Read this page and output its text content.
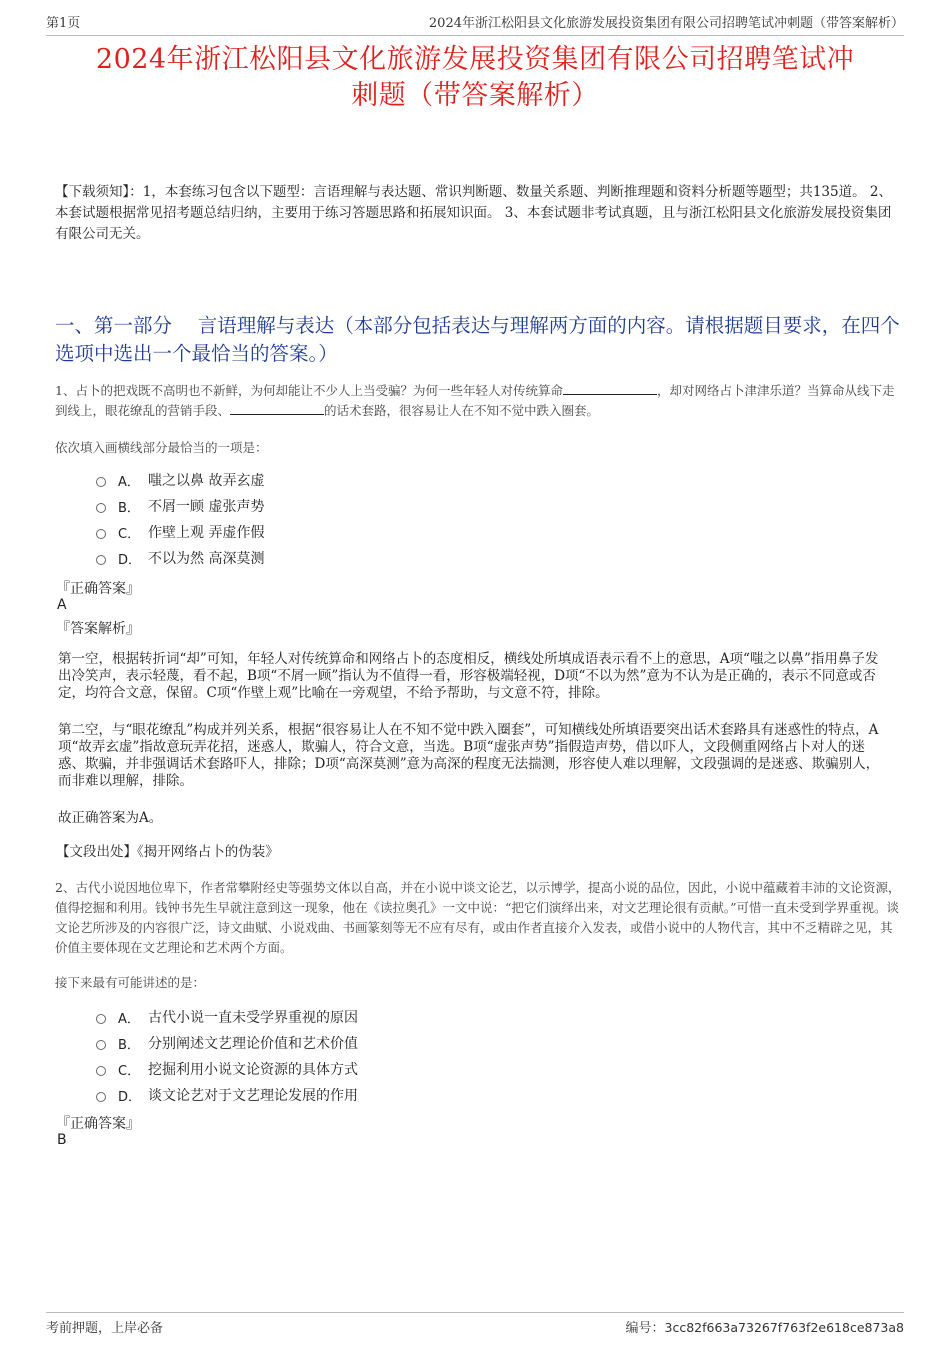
第1页	2024年浙江松阳县文化旅游发展投资集团有限公司招聘笔试冲刺题（带答案解析）
2024年浙江松阳县文化旅游发展投资集团有限公司招聘笔试冲
刺题（带答案解析）
【下载须知】：1，本套练习包含以下题型：言语理解与表达题、常识判断题、数量关系题、判断推理题和资料分析题等题型；共135道。 2、本套试题根据常见招考题总结归纳，主要用于练习答题思路和拓展知识面。 3、本套试题非考试真题，且与浙江松阳县文化旅游发展投资集团有限公司无关。
一、第一部分　 言语理解与表达（本部分包括表达与理解两方面的内容。请根据题目要求，在四个选项中选出一个最恰当的答案。）
1、占卜的把戏既不高明也不新鲜，为何却能让不少人上当受骗？为何一些年轻人对传统算命	，却对网络占卜津津乐道？当算命从线下走到线上，眼花缭乱的营销手段、	的话术套路，很容易让人在不知不觉中跌入圈套。
依次填入画横线部分最恰当的一项是：
A． 嗤之以鼻 故弄玄虚
B． 不屑一顾 虚张声势
C． 作壁上观 弄虚作假
D． 不以为然 高深莫测
『正确答案』
A
『答案解析』
第一空，根据转折词“却”可知，年轻人对传统算命和网络占卜的态度相反，横线处所填成语表示看不上的意思，A项“嗤之以鼻”指用鼻子发出冷笑声，表示轻蔑，看不起，B项“不屑一顾”指认为不值得一看，形容极端轻视，D项“不以为然”意为不认为是正确的，表示不同意或否定，均符合文意，保留。C项“作壁上观”比喻在一旁观望，不给予帮助，与文意不符，排除。
第二空，与“眼花缭乱”构成并列关系，根据“很容易让人在不知不觉中跌入圈套”，可知横线处所填语要突出话术套路具有迷惑性的特点，A项“故弄玄虚”指故意玩弄花招，迷惑人，欺骗人，符合文意，当选。B项“虚张声势”指假造声势，借以吓人，文段侧重网络占卜对人的迷惑、欺骗，并非强调话术套路吓人，排除；D项“高深莫测”意为高深的程度无法揣测，形容使人难以理解，文段强调的是迷惑、欺骗别人，而非难以理解，排除。
故正确答案为A。
【文段出处】《揭开网络占卜的伪装》
2、古代小说因地位卑下，作者常攀附经史等强势文体以自高，并在小说中谈文论艺，以示博学，提高小说的品位，因此，小说中蕴藏着丰沛的文论资源，值得挖掘和利用。钱钟书先生早就注意到这一现象，他在《读拉奥孔》一文中说：“把它们演绎出来，对文艺理论很有贡献。”可惜一直未受到学界重视。谈文论艺所涉及的内容很广泛，诗文曲赋、小说戏曲、书画篆刻等无不应有尽有，或由作者直接介入发表，或借小说中的人物代言，其中不乏精辟之见，其价值主要体现在文艺理论和艺术两个方面。
接下来最有可能讲述的是：
A． 古代小说一直未受学界重视的原因
B． 分别阐述文艺理论价值和艺术价值
C． 挖掘利用小说文论资源的具体方式
D． 谈文论艺对于文艺理论发展的作用
『正确答案』
B
考前押题，上岸必备	编号：3cc82f663a73267f763f2e618ce873a8
